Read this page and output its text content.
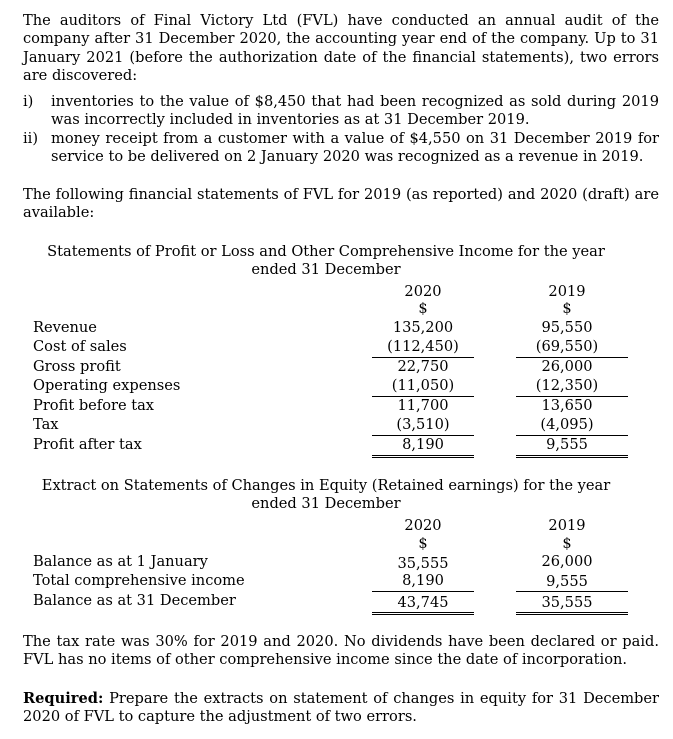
The auditors of Final Victory Ltd (FVL) have conducted an annual audit of the company after 31 December 2020, the accounting year end of the company. Up to 31 January 2021 (before the authorization date of the financial statements), two errors are discovered:

i) inventories to the value of $8,450 that had been recognized as sold during 2019 was incorrectly included in inventories as at 31 December 2019.

ii) money receipt from a customer with a value of $4,550 on 31 December 2019 for service to be delivered on 2 January 2020 was recognized as a revenue in 2019.

The following financial statements of FVL for 2019 (as reported) and 2020 (draft) are available:

Statements of Profit or Loss and Other Comprehensive Income for the year
ended 31 December
2020	2019
$	$
Revenue	135,200	95,550
Cost of sales	(112,450)	(69,550)
Gross profit	22,750	26,000
Operating expenses	(11,050)	(12,350)
Profit before tax	11,700	13,650
Tax	(3,510)	(4,095)
Profit after tax	8,190	9,555
Extract on Statements of Changes in Equity (Retained earnings) for the year
ended 31 December
2020	2019
$	$
Balance as at 1 January	35,555	26,000
Total comprehensive income	8,190	9,555
Balance as at 31 December	43,745	35,555

The tax rate was 30% for 2019 and 2020. No dividends have been declared or paid. FVL has no items of other comprehensive income since the date of incorporation.

Required: Prepare the extracts on statement of changes in equity for 31 December 2020 of FVL to capture the adjustment of two errors.
